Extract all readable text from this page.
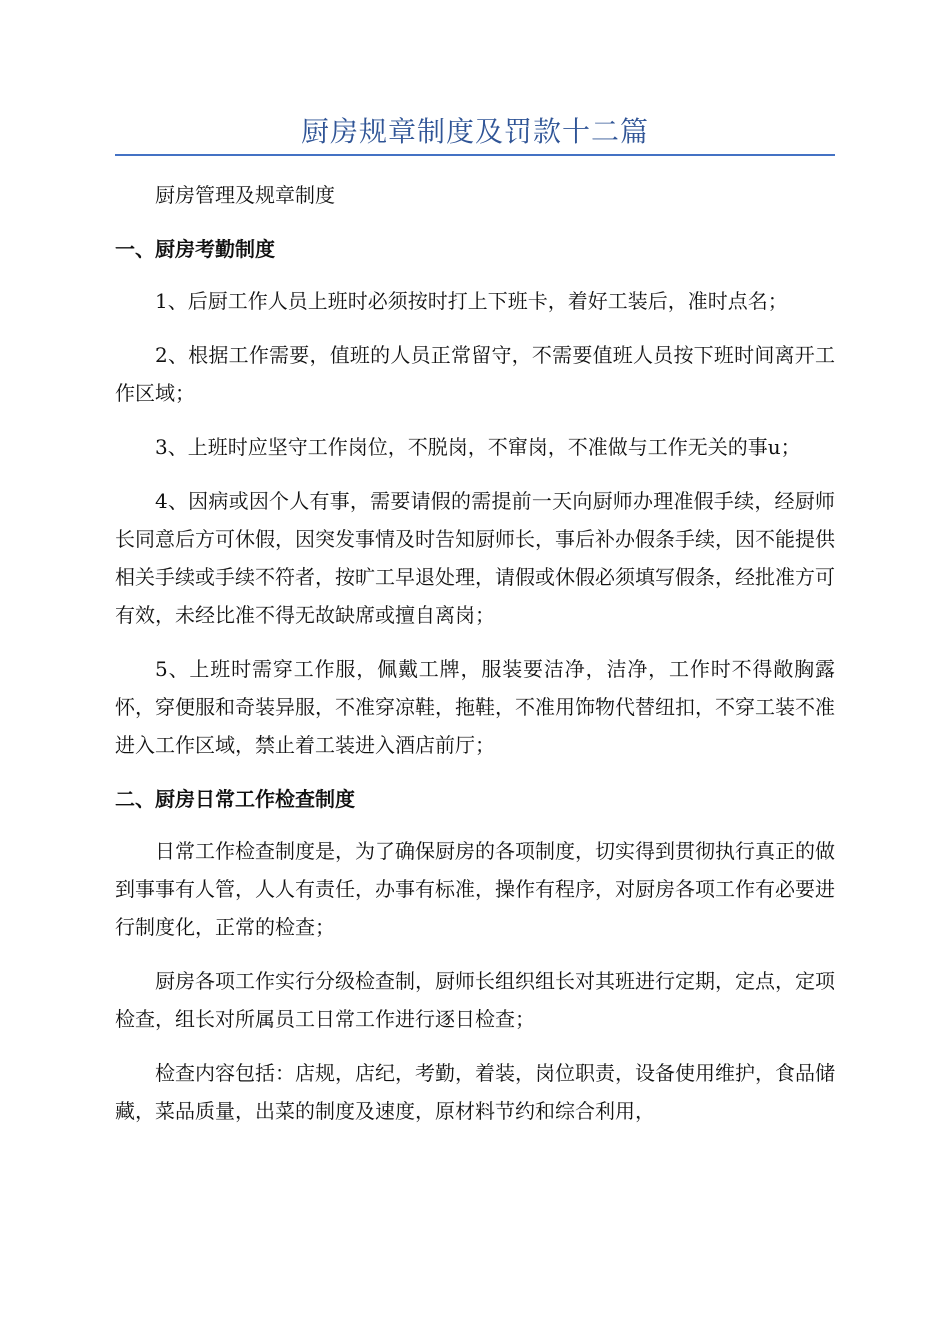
厨房规章制度及罚款十二篇

厨房管理及规章制度

一、厨房考勤制度

1、后厨工作人员上班时必须按时打上下班卡，着好工装后，准时点名；

2、根据工作需要，值班的人员正常留守，不需要值班人员按下班时间离开工作区域；

3、上班时应坚守工作岗位，不脱岗，不窜岗，不准做与工作无关的事u；

4、因病或因个人有事，需要请假的需提前一天向厨师办理准假手续，经厨师长同意后方可休假，因突发事情及时告知厨师长，事后补办假条手续，因不能提供相关手续或手续不符者，按旷工早退处理，请假或休假必须填写假条，经批准方可有效，未经比准不得无故缺席或擅自离岗；

5、上班时需穿工作服，佩戴工牌，服装要洁净，洁净，工作时不得敞胸露怀，穿便服和奇装异服，不准穿凉鞋，拖鞋，不准用饰物代替纽扣，不穿工装不准进入工作区域，禁止着工装进入酒店前厅；

二、厨房日常工作检查制度

日常工作检查制度是，为了确保厨房的各项制度，切实得到贯彻执行真正的做到事事有人管，人人有责任，办事有标准，操作有程序，对厨房各项工作有必要进行制度化，正常的检查；

厨房各项工作实行分级检查制，厨师长组织组长对其班进行定期，定点，定项检查，组长对所属员工日常工作进行逐日检查；

检查内容包括：店规，店纪，考勤，着装，岗位职责，设备使用维护，食品储藏，菜品质量，出菜的制度及速度，原材料节约和综合利用，
